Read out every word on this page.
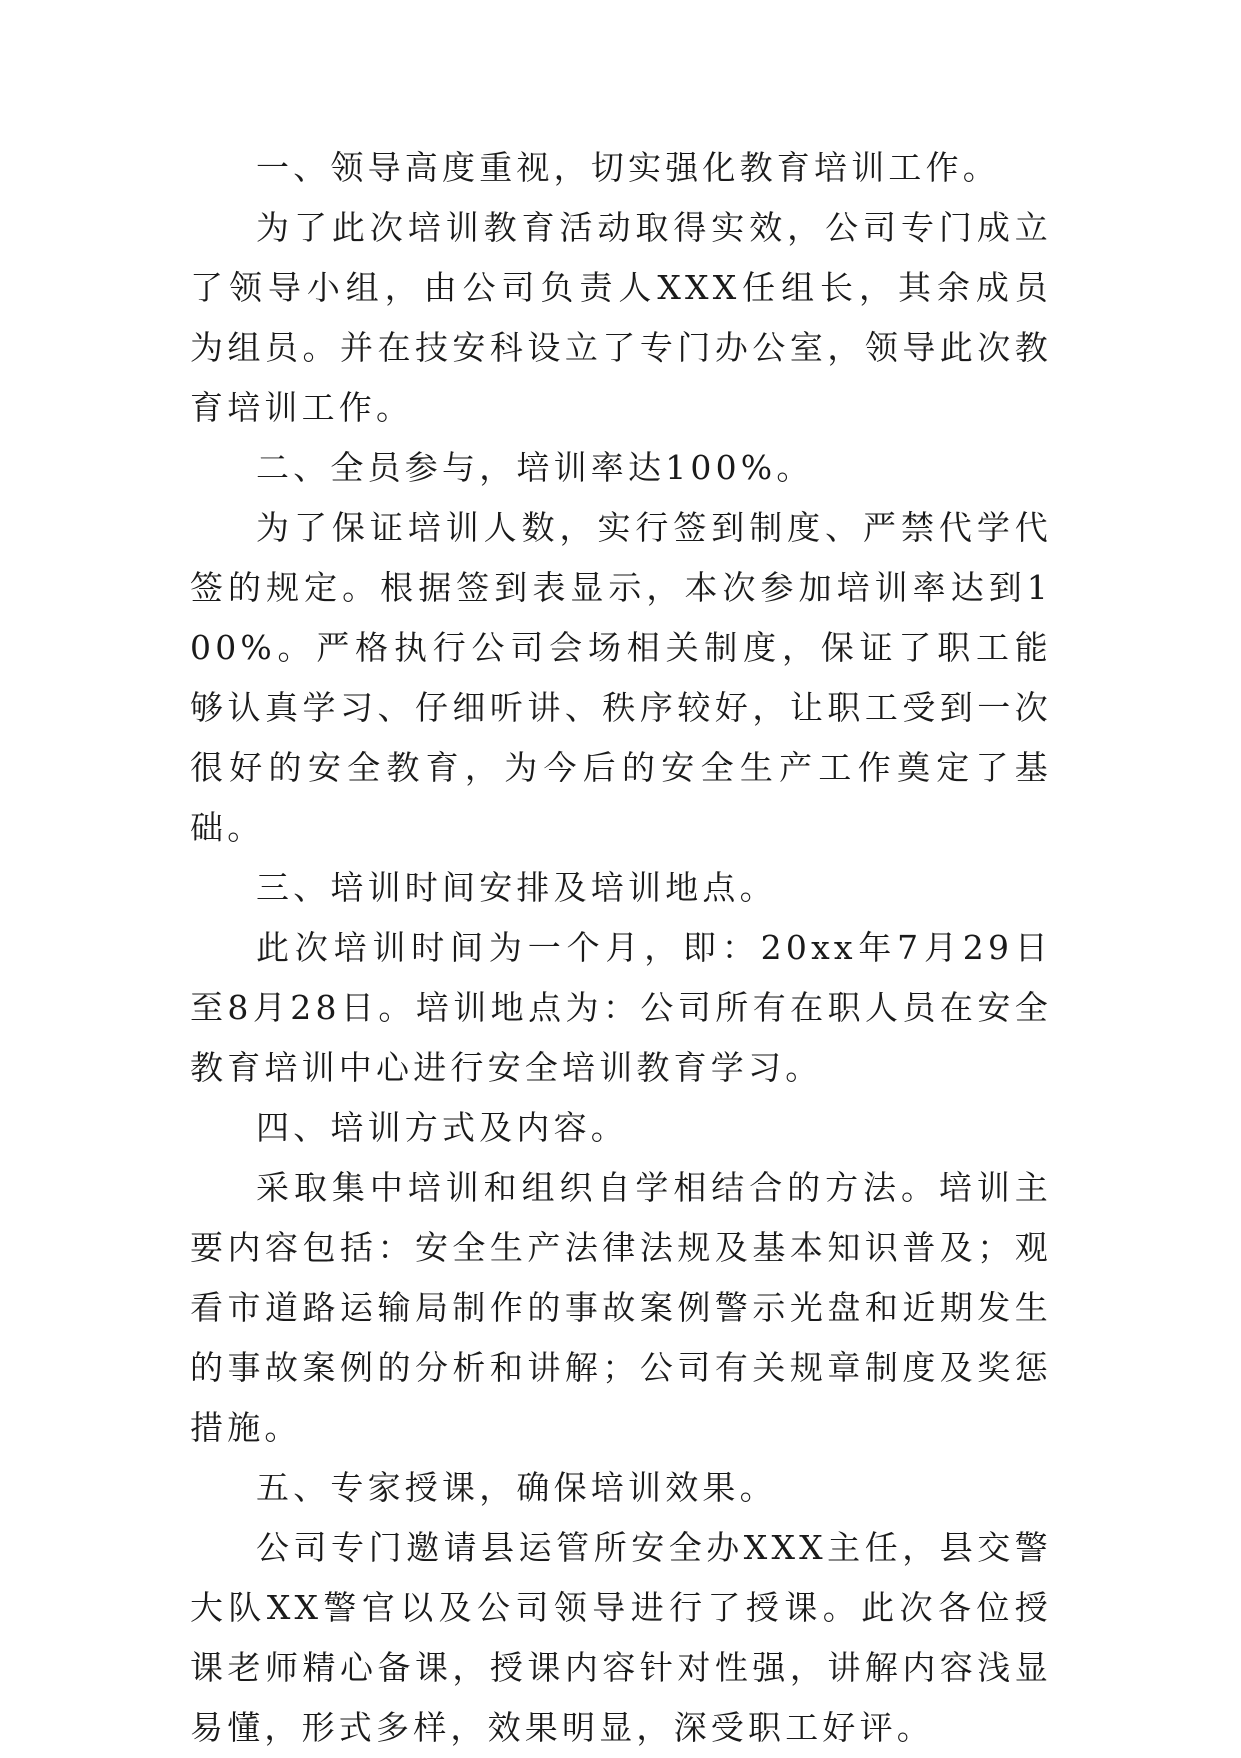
一、领导高度重视，切实强化教育培训工作。

为了此次培训教育活动取得实效，公司专门成立了领导小组，由公司负责人XXX任组长，其余成员为组员。并在技安科设立了专门办公室，领导此次教育培训工作。

二、全员参与，培训率达100%。

为了保证培训人数，实行签到制度、严禁代学代签的规定。根据签到表显示，本次参加培训率达到100%。严格执行公司会场相关制度，保证了职工能够认真学习、仔细听讲、秩序较好，让职工受到一次很好的安全教育，为今后的安全生产工作奠定了基础。

三、培训时间安排及培训地点。

此次培训时间为一个月，即：20xx年7月29日至8月28日。培训地点为：公司所有在职人员在安全教育培训中心进行安全培训教育学习。

四、培训方式及内容。

采取集中培训和组织自学相结合的方法。培训主要内容包括：安全生产法律法规及基本知识普及；观看市道路运输局制作的事故案例警示光盘和近期发生的事故案例的分析和讲解；公司有关规章制度及奖惩措施。

五、专家授课，确保培训效果。

公司专门邀请县运管所安全办XXX主任，县交警大队XX警官以及公司领导进行了授课。此次各位授课老师精心备课，授课内容针对性强，讲解内容浅显易懂，形式多样，效果明显，深受职工好评。
